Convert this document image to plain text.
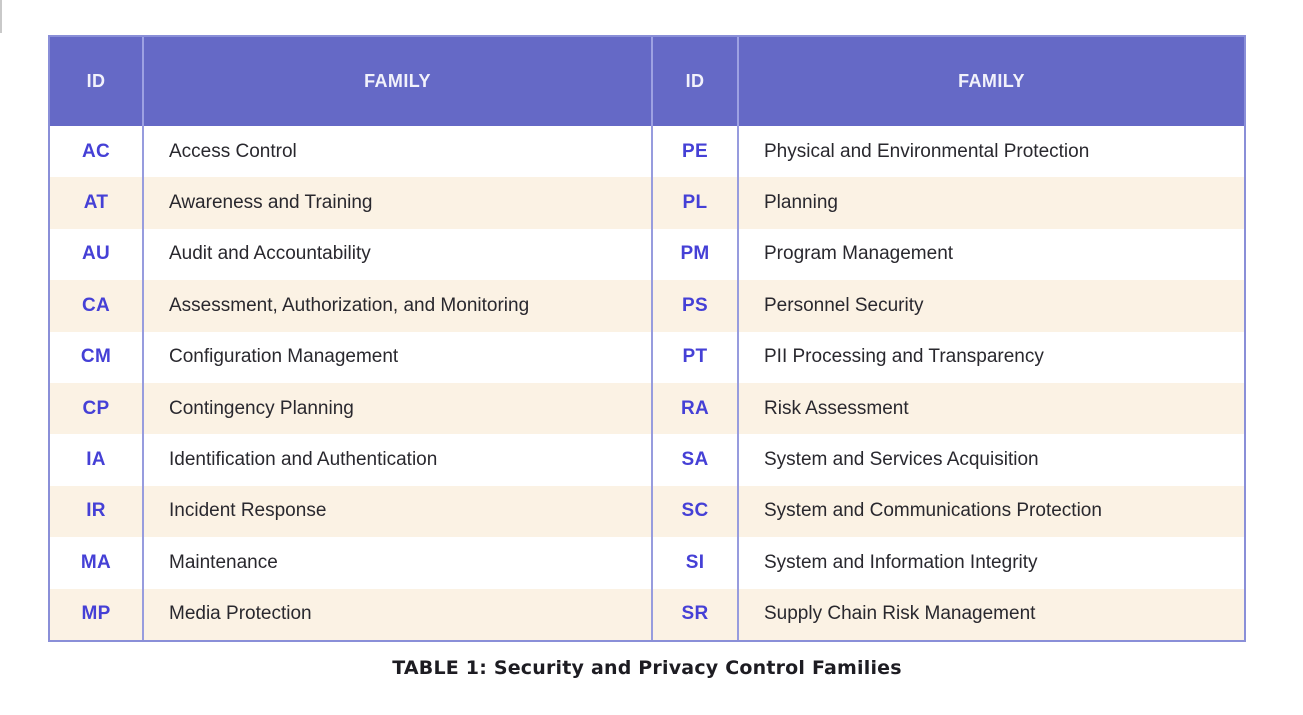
ID	FAMILY	ID	FAMILY
AC	Access Control	PE	Physical and Environmental Protection
AT	Awareness and Training	PL	Planning
AU	Audit and Accountability	PM	Program Management
CA	Assessment, Authorization, and Monitoring	PS	Personnel Security
CM	Configuration Management	PT	PII Processing and Transparency
CP	Contingency Planning	RA	Risk Assessment
IA	Identification and Authentication	SA	System and Services Acquisition
IR	Incident Response	SC	System and Communications Protection
MA	Maintenance	SI	System and Information Integrity
MP	Media Protection	SR	Supply Chain Risk Management
TABLE 1: Security and Privacy Control Families
